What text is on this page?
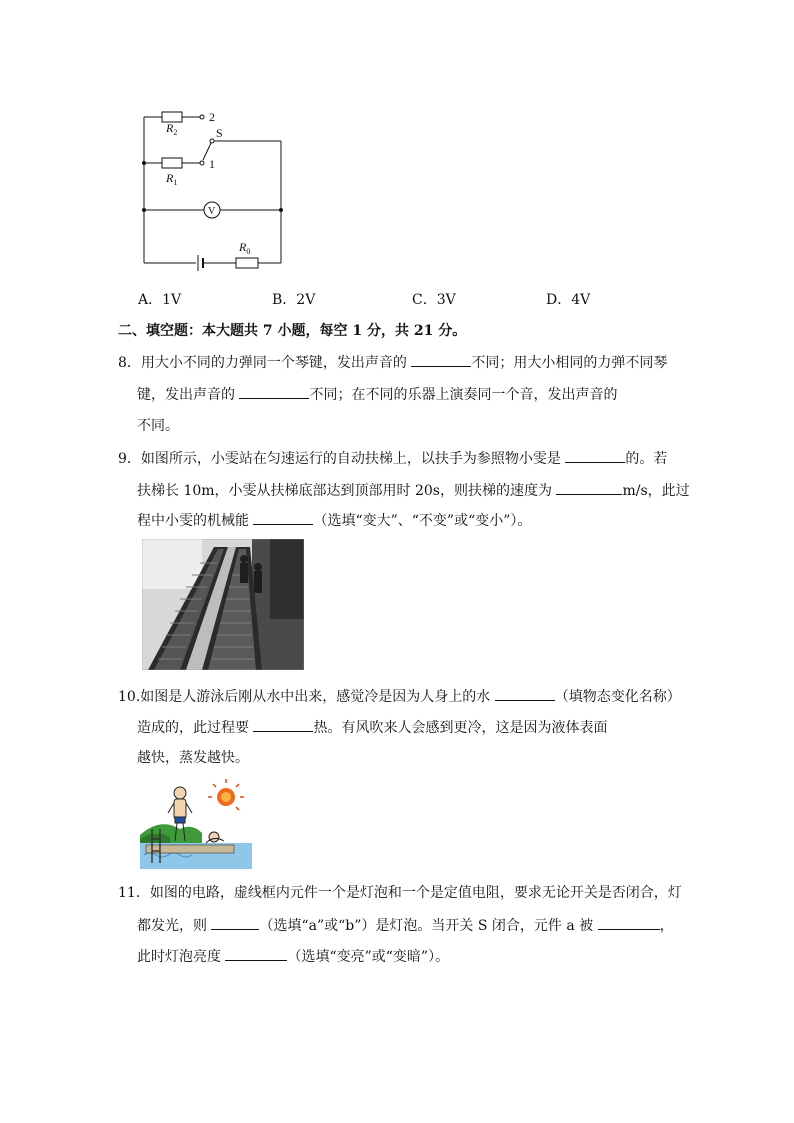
$R_2$
2
S
1
$R_1$
V
$R_0$
A．1V	B．2V	C．3V	D．4V
二、填空题：本大题共 7 小题，每空 1 分，共 21 分。
8．用大小不同的力弹同一个琴键，发出声音的	不同；用大小相同的力弹不同琴
键，发出声音的	不同；在不同的乐器上演奏同一个音，发出声音的
不同。
9．如图所示，小雯站在匀速运行的自动扶梯上，以扶手为参照物小雯是	的。若
扶梯长 10m，小雯从扶梯底部达到顶部用时 20s，则扶梯的速度为	m/s，此过
程中小雯的机械能	（选填“变大”、“不变”或“变小”）。
10.如图是人游泳后刚从水中出来，感觉冷是因为人身上的水	（填物态变化名称）
造成的，此过程要	热。有风吹来人会感到更冷，这是因为液体表面
越快，蒸发越快。
11．如图的电路，虚线框内元件一个是灯泡和一个是定值电阻，要求无论开关是否闭合，灯
都发光，则	（选填“a”或“b”）是灯泡。当开关 S 闭合，元件 a 被	，
此时灯泡亮度	（选填“变亮”或“变暗”）。
